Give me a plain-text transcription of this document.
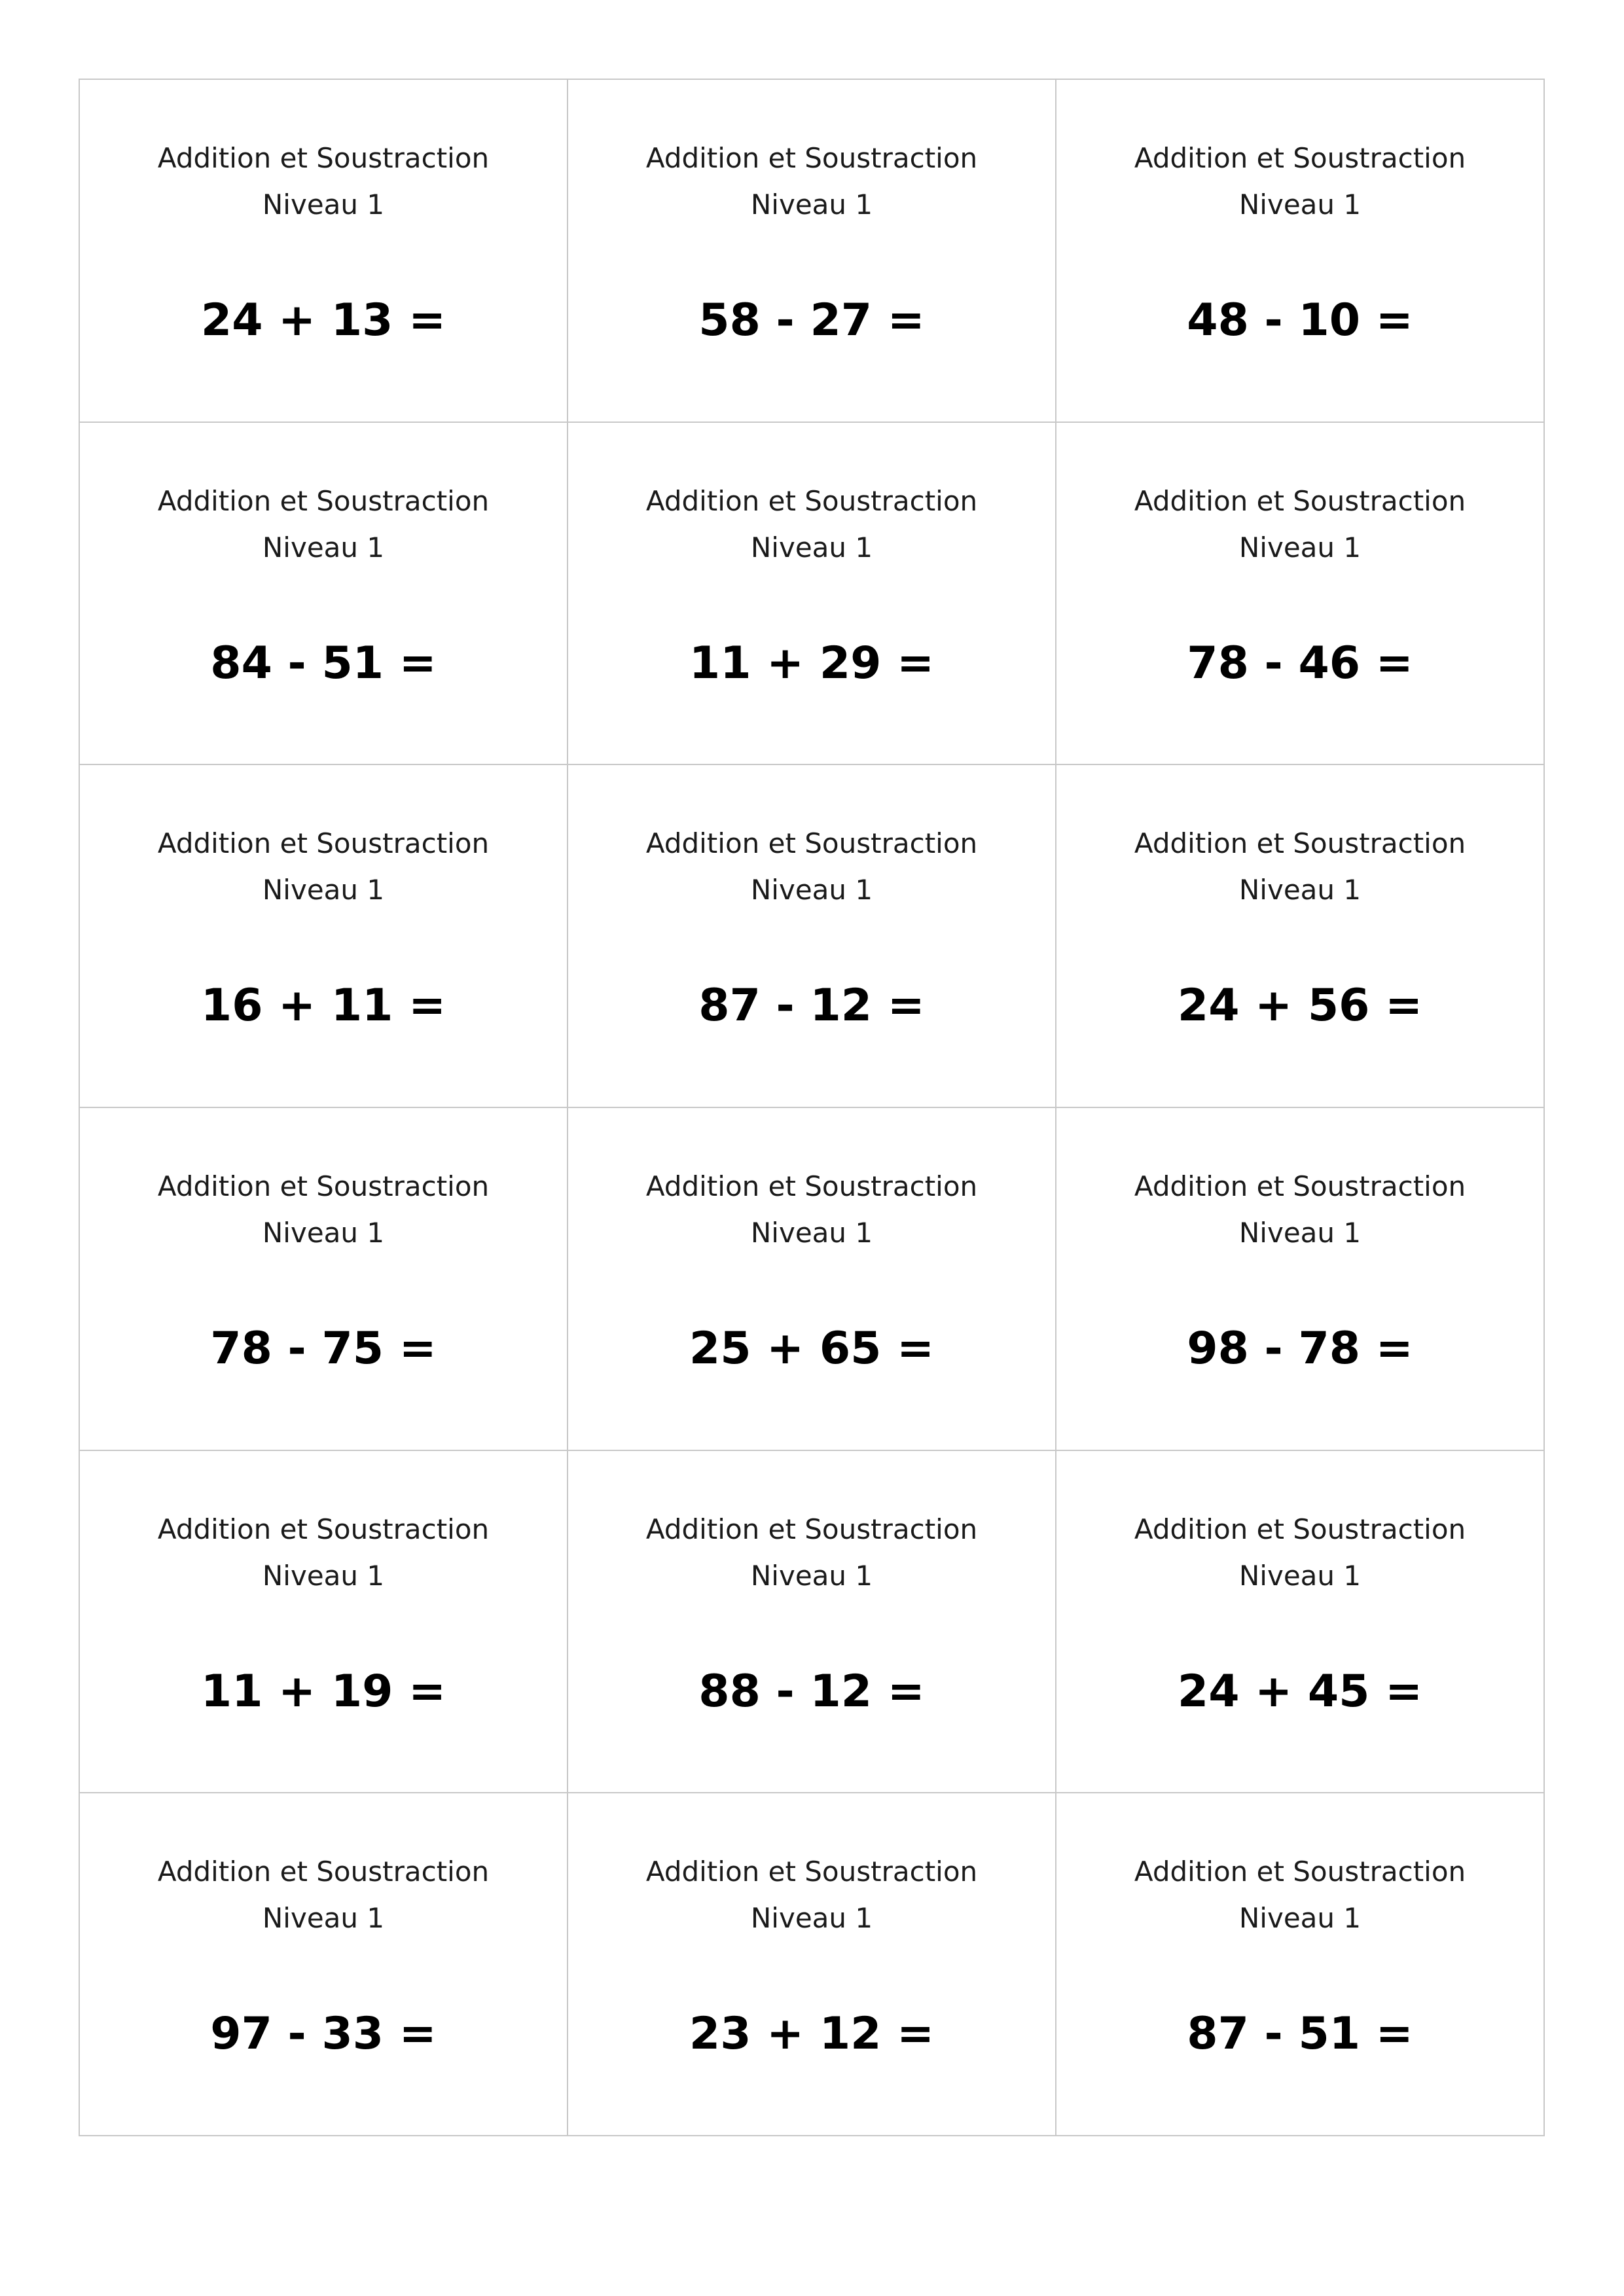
Addition et Soustraction
Niveau 1
24 + 13 =
Addition et Soustraction
Niveau 1
58 - 27 =
Addition et Soustraction
Niveau 1
48 - 10 =
Addition et Soustraction
Niveau 1
84 - 51 =
Addition et Soustraction
Niveau 1
11 + 29 =
Addition et Soustraction
Niveau 1
78 - 46 =
Addition et Soustraction
Niveau 1
16 + 11 =
Addition et Soustraction
Niveau 1
87 - 12 =
Addition et Soustraction
Niveau 1
24 + 56 =
Addition et Soustraction
Niveau 1
78 - 75 =
Addition et Soustraction
Niveau 1
25 + 65 =
Addition et Soustraction
Niveau 1
98 - 78 =
Addition et Soustraction
Niveau 1
11 + 19 =
Addition et Soustraction
Niveau 1
88 - 12 =
Addition et Soustraction
Niveau 1
24 + 45 =
Addition et Soustraction
Niveau 1
97 - 33 =
Addition et Soustraction
Niveau 1
23 + 12 =
Addition et Soustraction
Niveau 1
87 - 51 =
